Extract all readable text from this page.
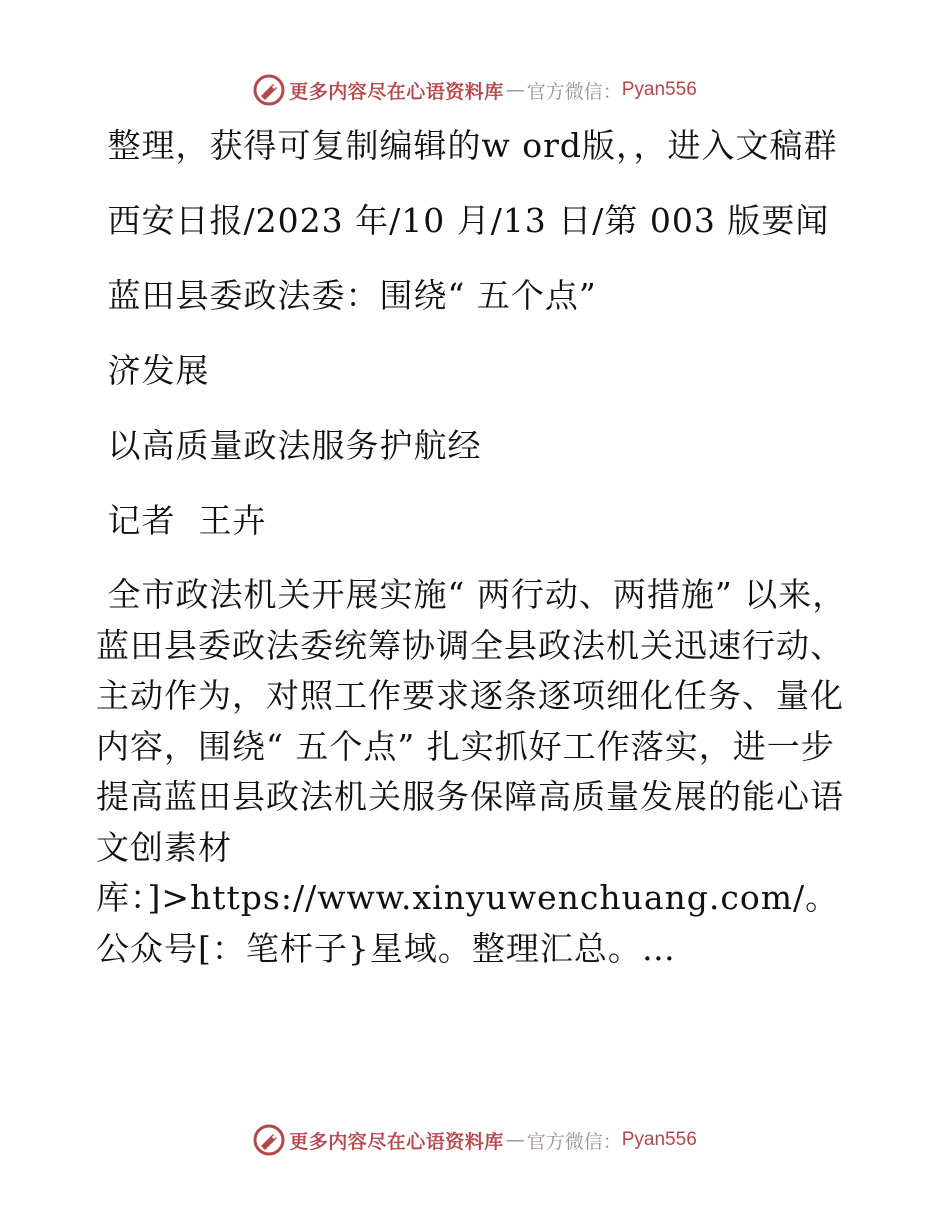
更多内容尽在心语资料库 — 官方微信： Pyan556

整理，获得可复制编辑的w ord版，，进入文稿群

西安日报/2023 年/10 月/13 日/第 003 版要闻

蓝田县委政法委：围绕“ 五个点”

济发展

以高质量政法服务护航经

记者  王卉

全市政法机关开展实施“ 两行动、两措施” 以来，蓝田县委政法委统筹协调全县政法机关迅速行动、主动作为，对照工作要求逐条逐项细化任务、量化内容，围绕“ 五个点” 扎实抓好工作落实，进一步提高蓝田县政法机关服务保障高质量发展的能心语文创素材库：]>https://www.xinyuwenchuang.com/。公众号[：笔杆子}星域。整理汇总。…

更多内容尽在心语资料库 — 官方微信： Pyan556
